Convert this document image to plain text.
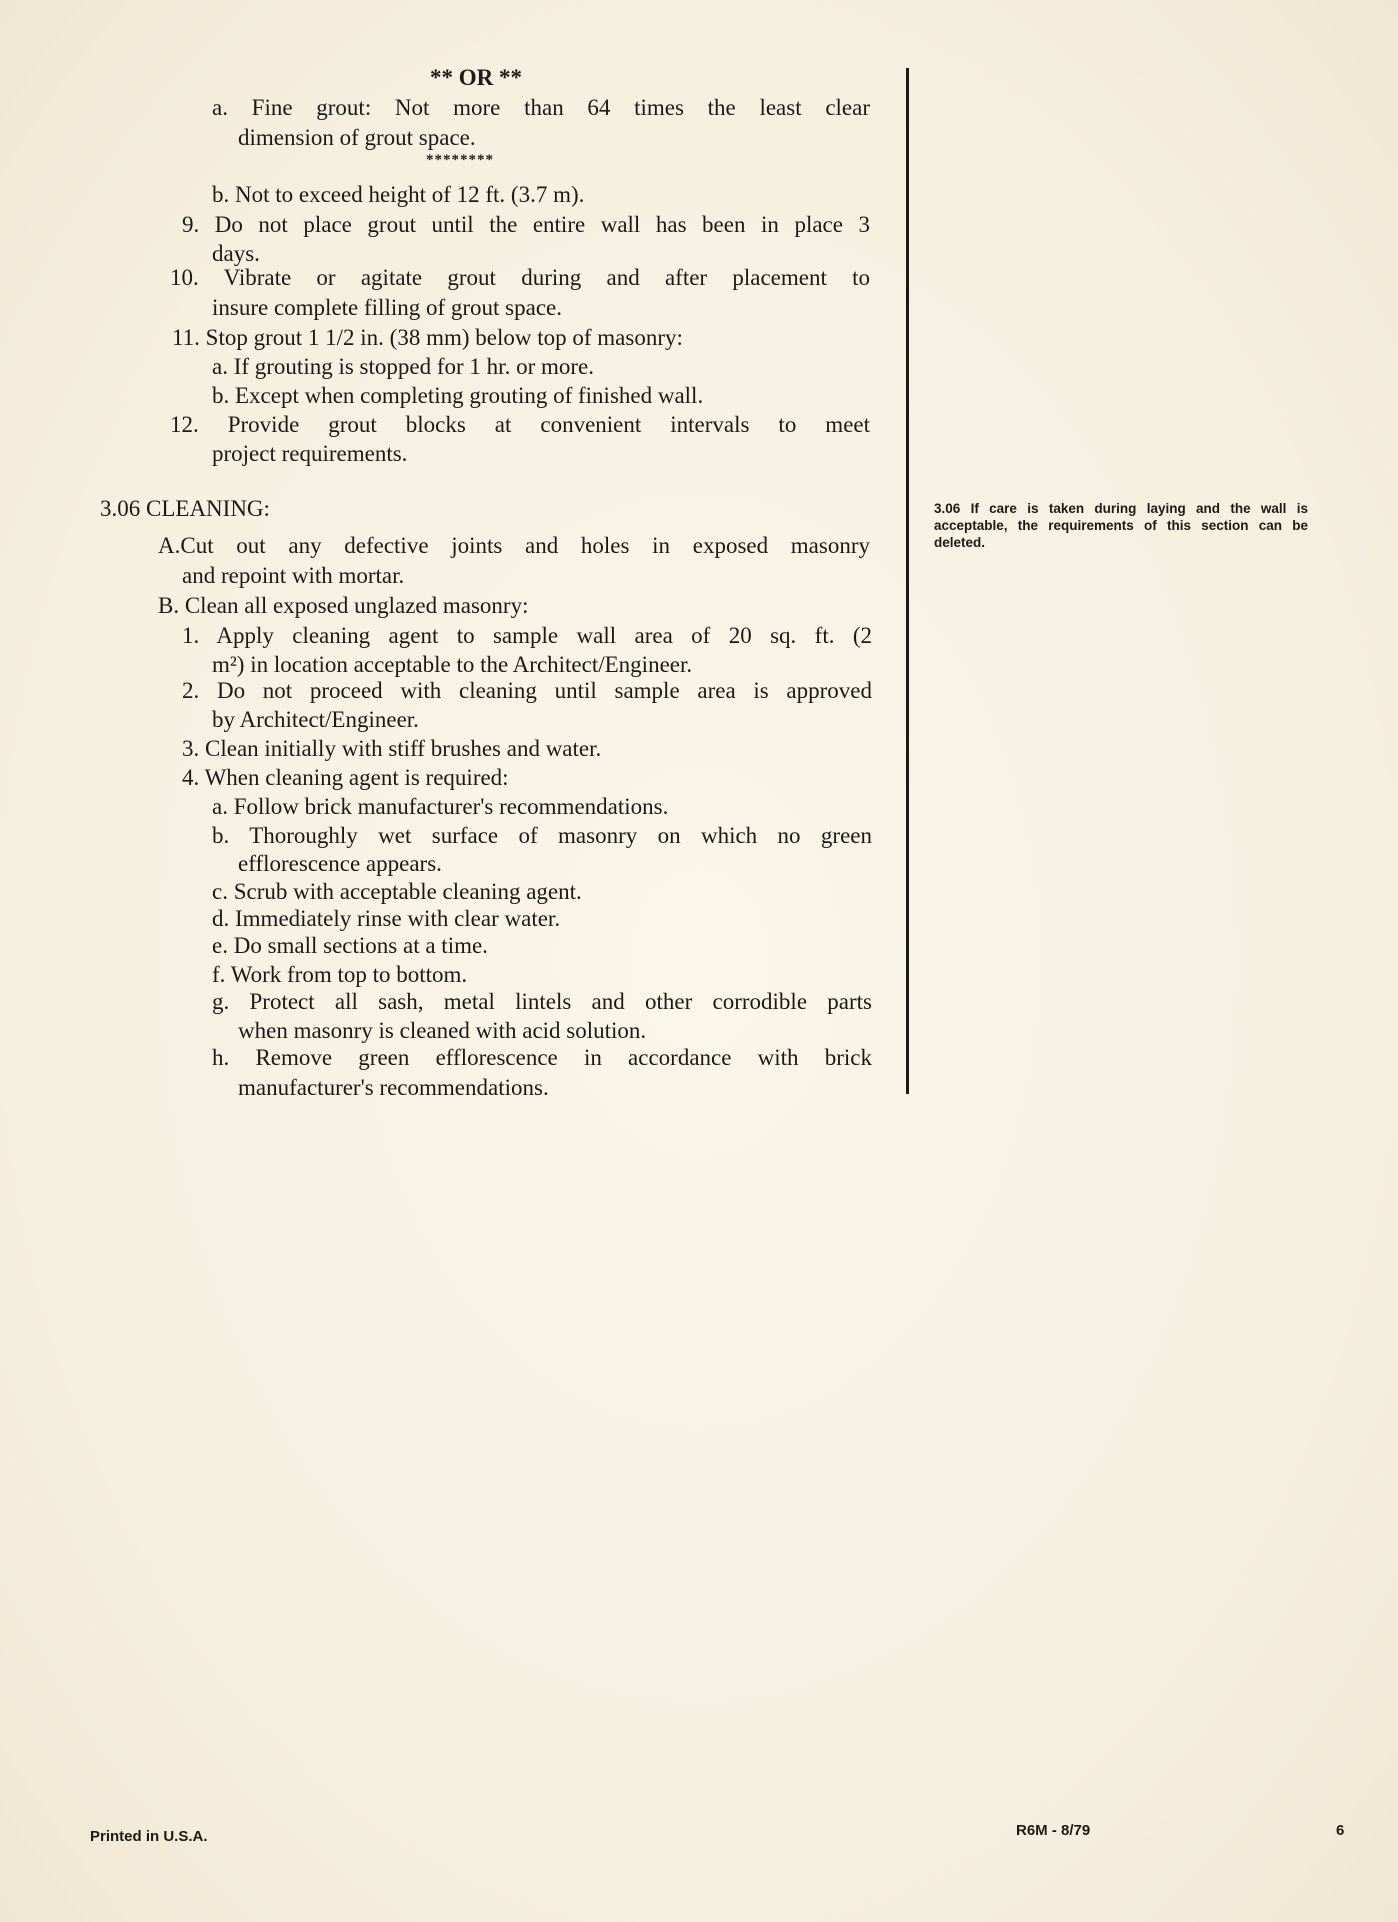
** OR **
a. Fine grout: Not more than 64 times the least clear
dimension of grout space.
********
b. Not to exceed height of 12 ft. (3.7 m).
9. Do not place grout until the entire wall has been in place 3
days.
10. Vibrate or agitate grout during and after placement to
insure complete filling of grout space.
11. Stop grout 1 1/2 in. (38 mm) below top of masonry:
a. If grouting is stopped for 1 hr. or more.
b. Except when completing grouting of finished wall.
12. Provide grout blocks at convenient intervals to meet
project requirements.
3.06 CLEANING:
A.Cut out any defective joints and holes in exposed masonry
and repoint with mortar.
B. Clean all exposed unglazed masonry:
1. Apply cleaning agent to sample wall area of 20 sq. ft. (2
m²) in location acceptable to the Architect/Engineer.
2. Do not proceed with cleaning until sample area is approved
by Architect/Engineer.
3. Clean initially with stiff brushes and water.
4. When cleaning agent is required:
a. Follow brick manufacturer's recommendations.
b. Thoroughly wet surface of masonry on which no green
efflorescence appears.
c. Scrub with acceptable cleaning agent.
d. Immediately rinse with clear water.
e. Do small sections at a time.
f. Work from top to bottom.
g. Protect all sash, metal lintels and other corrodible parts
when masonry is cleaned with acid solution.
h. Remove green efflorescence in accordance with brick
manufacturer's recommendations.
3.06 If care is taken during laying and the wall is acceptable, the requirements of this section can be deleted.
Printed in U.S.A.	R6M - 8/79	6
